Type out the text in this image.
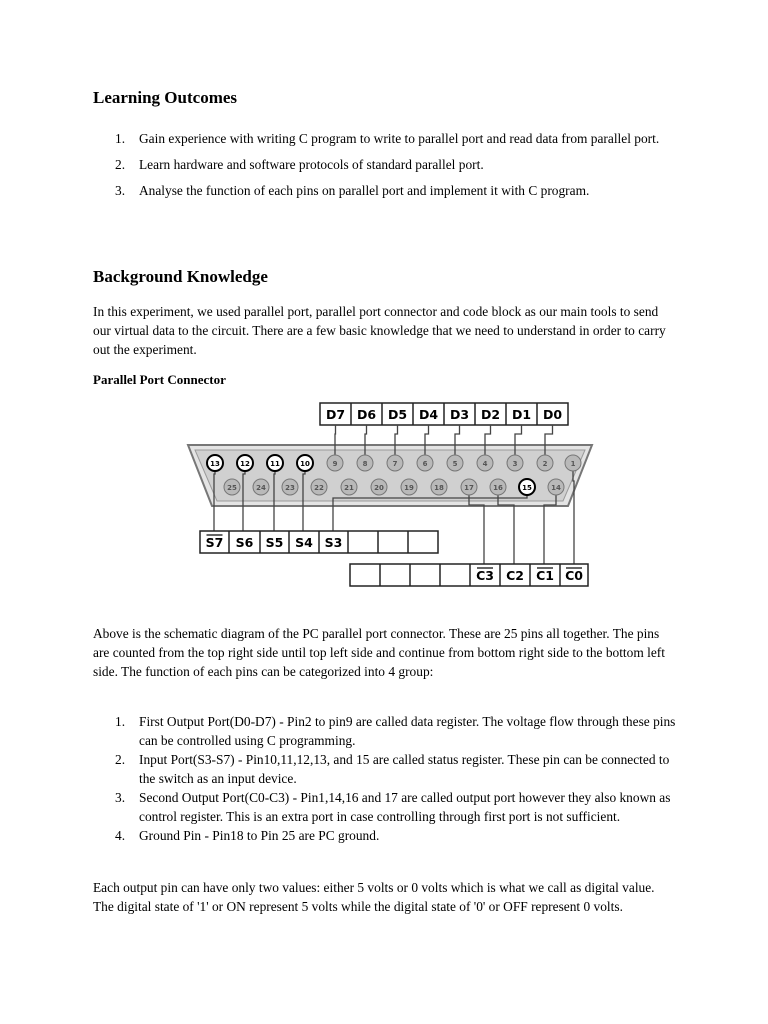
Learning Outcomes
1. Gain experience with writing C program to write to parallel port and read data from parallel port.
2. Learn hardware and software protocols of standard parallel port.
3. Analyse the function of each pins on parallel port and implement it with C program.
Background Knowledge

In this experiment, we used parallel port, parallel port connector and code block as our main tools to send our virtual data to the circuit. There are a few basic knowledge that we need to understand in order to carry out the experiment.

Parallel Port Connector

D7 D6 D5 D4 D3 D2 D1 D0
13	12	11	10	9	8	7	6	5	4	3	2	1
25	24	23	22	21	20	19	18	17	16	15	14
S7 S6 S5 S4 S3
C3 C2 C1 C0

Above is the schematic diagram of the PC parallel port connector. These are 25 pins all together. The pins are counted from the top right side until top left side and continue from bottom right side to the bottom left side. The function of each pins can be categorized into 4 group:

1. First Output Port(D0-D7) - Pin2 to pin9 are called data register. The voltage flow through these pins can be controlled using C programming.
2. Input Port(S3-S7) - Pin10,11,12,13, and 15 are called status register. These pin can be connected to the switch as an input device.
3. Second Output Port(C0-C3) - Pin1,14,16 and 17 are called output port however they also known as control register. This is an extra port in case controlling through first port is not sufficient.
4. Ground Pin - Pin18 to Pin 25 are PC ground.

Each output pin can have only two values: either 5 volts or 0 volts which is what we call as digital value. The digital state of '1' or ON represent 5 volts while the digital state of '0' or OFF represent 0 volts.
